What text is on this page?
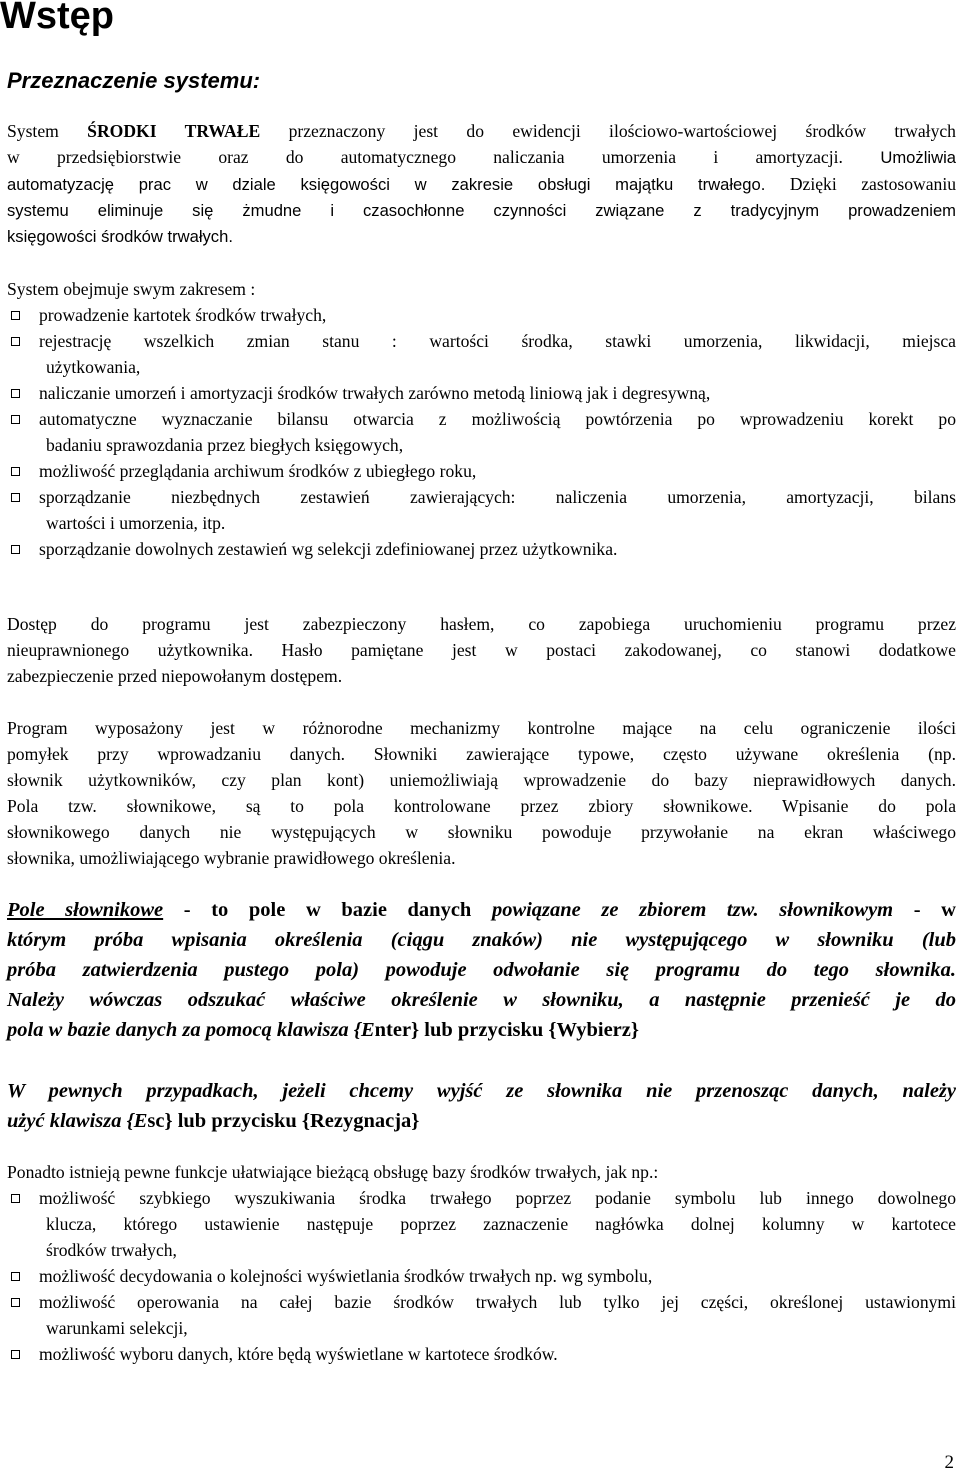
Wstęp
Przeznaczenie systemu:
System ŚRODKI TRWAŁE przeznaczony jest do ewidencji ilościowo-wartościowej środków trwałych
w przedsiębiorstwie oraz do automatycznego naliczania umorzenia i amortyzacji. Umożliwia
automatyzację prac w dziale księgowości w zakresie obsługi majątku trwałego. Dzięki zastosowaniu
systemu eliminuje się żmudne i czasochłonne czynności związane z tradycyjnym prowadzeniem
księgowości środków trwałych.
System obejmuje swym zakresem :
prowadzenie kartotek środków trwałych,
rejestrację wszelkich zmian stanu : wartości środka, stawki umorzenia, likwidacji, miejsca
użytkowania,
naliczanie umorzeń i amortyzacji środków trwałych zarówno metodą liniową jak i degresywną,
automatyczne wyznaczanie bilansu otwarcia z możliwością powtórzenia po wprowadzeniu korekt po
badaniu sprawozdania przez biegłych księgowych,
możliwość przeglądania archiwum środków z ubiegłego roku,
sporządzanie niezbędnych zestawień zawierających: naliczenia umorzenia, amortyzacji, bilans
wartości i umorzenia, itp.
sporządzanie dowolnych zestawień wg selekcji zdefiniowanej przez użytkownika.
Dostęp do programu jest zabezpieczony hasłem, co zapobiega uruchomieniu programu przez
nieuprawnionego użytkownika. Hasło pamiętane jest w postaci zakodowanej, co stanowi dodatkowe
zabezpieczenie przed niepowołanym dostępem.
Program wyposażony jest w różnorodne mechanizmy kontrolne mające na celu ograniczenie ilości
pomyłek przy wprowadzaniu danych. Słowniki zawierające typowe, często używane określenia (np.
słownik użytkowników, czy plan kont) uniemożliwiają wprowadzenie do bazy nieprawidłowych danych.
Pola tzw. słownikowe, są to pola kontrolowane przez zbiory słownikowe. Wpisanie do pola
słownikowego danych nie występujących w słowniku powoduje przywołanie na ekran właściwego
słownika, umożliwiającego wybranie prawidłowego określenia.
Pole słownikowe - to pole w bazie danych powiązane ze zbiorem tzw. słownikowym - w
którym próba wpisania określenia (ciągu znaków) nie występującego w słowniku (lub
próba zatwierdzenia pustego pola) powoduje odwołanie się programu do tego słownika.
Należy wówczas odszukać właściwe określenie w słowniku, a następnie przenieść je do
pola w bazie danych za pomocą klawisza {Enter} lub przycisku {Wybierz}
W pewnych przypadkach, jeżeli chcemy wyjść ze słownika nie przenosząc danych, należy
użyć klawisza {Esc} lub przycisku {Rezygnacja}
Ponadto istnieją pewne funkcje ułatwiające bieżącą obsługę bazy środków trwałych, jak np.:
możliwość szybkiego wyszukiwania środka trwałego poprzez podanie symbolu lub innego dowolnego
klucza, którego ustawienie następuje poprzez zaznaczenie nagłówka dolnej kolumny w kartotece
środków trwałych,
możliwość decydowania o kolejności wyświetlania środków trwałych np. wg symbolu,
możliwość operowania na całej bazie środków trwałych lub tylko jej części, określonej ustawionymi
warunkami selekcji,
możliwość wyboru danych, które będą wyświetlane w kartotece środków.
2
